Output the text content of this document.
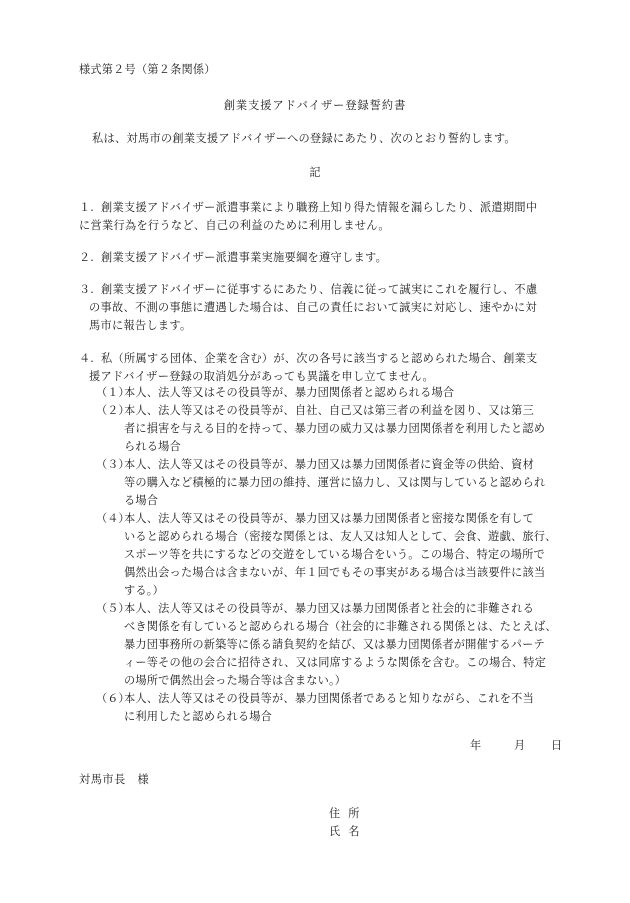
様式第２号（第２条関係）
創業支援アドバイザー登録誓約書
私は、対馬市の創業支援アドバイザーへの登録にあたり、次のとおり誓約します。
記
１. 創業支援アドバイザー派遣事業により職務上知り得た情報を漏らしたり、派遣期間中
に営業行為を行うなど、自己の利益のために利用しません。
２. 創業支援アドバイザー派遣事業実施要綱を遵守します。
３. 創業支援アドバイザーに従事するにあたり、信義に従って誠実にこれを履行し、不慮
の事故、不測の事態に遭遇した場合は、自己の責任において誠実に対応し、速やかに対
馬市に報告します。
４. 私（所属する団体、企業を含む）が、次の各号に該当すると認められた場合、創業支
援アドバイザー登録の取消処分があっても異議を申し立てません。
（１）
本人、法人等又はその役員等が、暴力団関係者と認められる場合
（２）
本人、法人等又はその役員等が、自社、自己又は第三者の利益を図り、又は第三
者に損害を与える目的を持って、暴力団の威力又は暴力団関係者を利用したと認め
られる場合
（３）
本人、法人等又はその役員等が、暴力団又は暴力団関係者に資金等の供給、資材
等の購入など積極的に暴力団の維持、運営に協力し、又は関与していると認められ
る場合
（４）
本人、法人等又はその役員等が、暴力団又は暴力団関係者と密接な関係を有して
いると認められる場合（密接な関係とは、友人又は知人として、会食、遊戯、旅行、
スポーツ等を共にするなどの交遊をしている場合をいう。この場合、特定の場所で
偶然出会った場合は含まないが、年１回でもその事実がある場合は当該要件に該当
する。）
（５）
本人、法人等又はその役員等が、暴力団又は暴力団関係者と社会的に非難される
べき関係を有していると認められる場合（社会的に非難される関係とは、たとえば、
暴力団事務所の新築等に係る請負契約を結び、又は暴力団関係者が開催するパーテ
ィー等その他の会合に招待され、又は同席するような関係を含む。この場合、特定
の場所で偶然出会った場合等は含まない。）
（６）
本人、法人等又はその役員等が、暴力団関係者であると知りながら、これを不当
に利用したと認められる場合
年	月 日
対馬市長　様
住所
氏名
